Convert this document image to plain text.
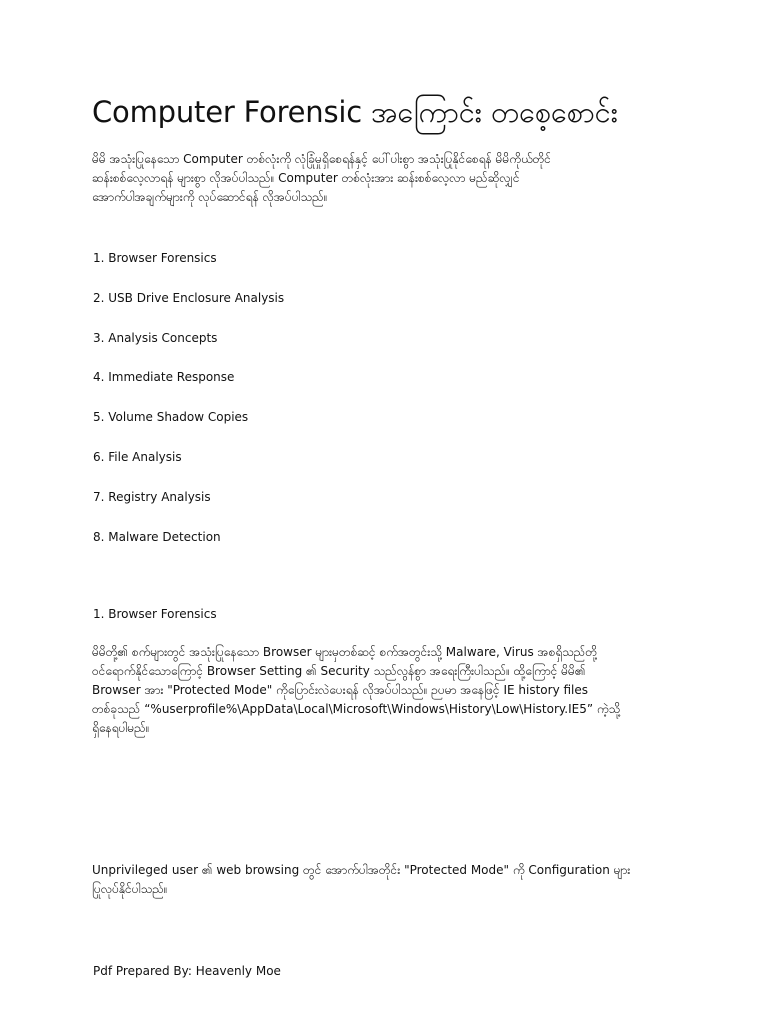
Computer Forensic အကြောင်း တစေ့စောင်း

မိမိ အသုံးပြုနေသော Computer တစ်လုံးကို လုံခြုံမှုရှိစေရန်နှင့် ပေါ်ပါးစွာ အသုံးပြုနိုင်စေရန် မိမိကိုယ်တိုင်
ဆန်းစစ်လေ့လာရန် များစွာ လိုအပ်ပါသည်။ Computer တစ်လုံးအား ဆန်းစစ်လေ့လာ မည်ဆိုလျှင်
အောက်ပါအချက်များကို လုပ်ဆောင်ရန် လိုအပ်ပါသည်။

1. Browser Forensics
2. USB Drive Enclosure Analysis
3. Analysis Concepts
4. Immediate Response
5. Volume Shadow Copies
6. File Analysis
7. Registry Analysis
8. Malware Detection

1. Browser Forensics

မိမိတို့၏ စက်များတွင် အသုံးပြုနေသော Browser များမှတစ်ဆင့် စက်အတွင်းသို့ Malware, Virus အစရှိသည်တို့
ဝင်ရောက်နိုင်သောကြောင့် Browser Setting ၏ Security သည်လွန်စွာ အရေးကြီးပါသည်။ ထို့ကြောင့် မိမိ၏
Browser အား "Protected Mode" ကိုပြောင်းလဲပေးရန် လိုအပ်ပါသည်။ ဉပမာ အနေဖြင့် IE history files
တစ်ခုသည် “%userprofile%\AppData\Local\Microsoft\Windows\History\Low\History.IE5” ကဲ့သို့
ရှိနေရပါမည်။

Unprivileged user ၏ web browsing တွင် အောက်ပါအတိုင်း "Protected Mode" ကို Configuration များ
ပြုလုပ်နိုင်ပါသည်။

Pdf Prepared By: Heavenly Moe
